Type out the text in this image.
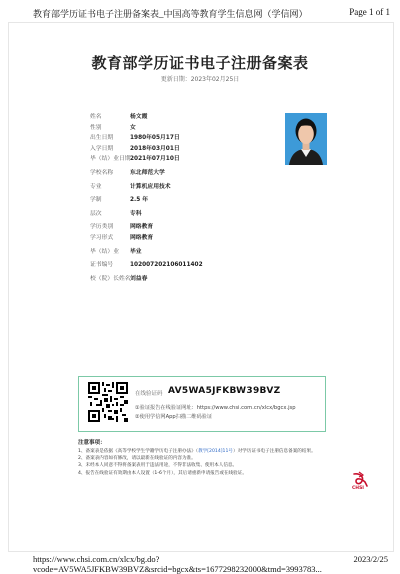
教育部学历证书电子注册备案表_中国高等教育学生信息网（学信网）	Page 1 of 1
教育部学历证书电子注册备案表
更新日期：2023年02月25日
姓名	杨文霞
性别	女
出生日期	1980年05月17日
入学日期	2018年03月01日
毕（结）业日期 2021年07月10日
学校名称	东北师范大学
专业	计算机应用技术
学制	2.5 年
层次	专科
学历类别	网络教育
学习形式	网络教育
毕（结）业 毕业
证书编号	102007202106011402
校（院）长姓名 刘益春
在线验证码 AV5WA5JFKBW39BVZ
①验证报告在线验证网址：https://www.chsi.com.cn/xlcx/bgcx.jsp
②使用学信网App扫描二维码验证
注意事项：
1、备案表是依据《高等学校学生学籍学历电子注册办法》（教学[2014]11号）对学历证书电子注册信息备案的结果。
2、备案表内容如有修改，请以最新在线验证的内容为准。
3、未经本人同意不得将备案表用于违法用途，不得非法收集、使用本人信息。
4、报告在线验证有效期由本人设置（1-6个月），其后请重新申请报告或在线验证。
CHSI
https://www.chsi.com.cn/xlcx/bg.do?vcode=AV5WA5JFKBW39BVZ&srcid=bgcx&ts=1677298232000&tmd=3993783...
2023/2/25
